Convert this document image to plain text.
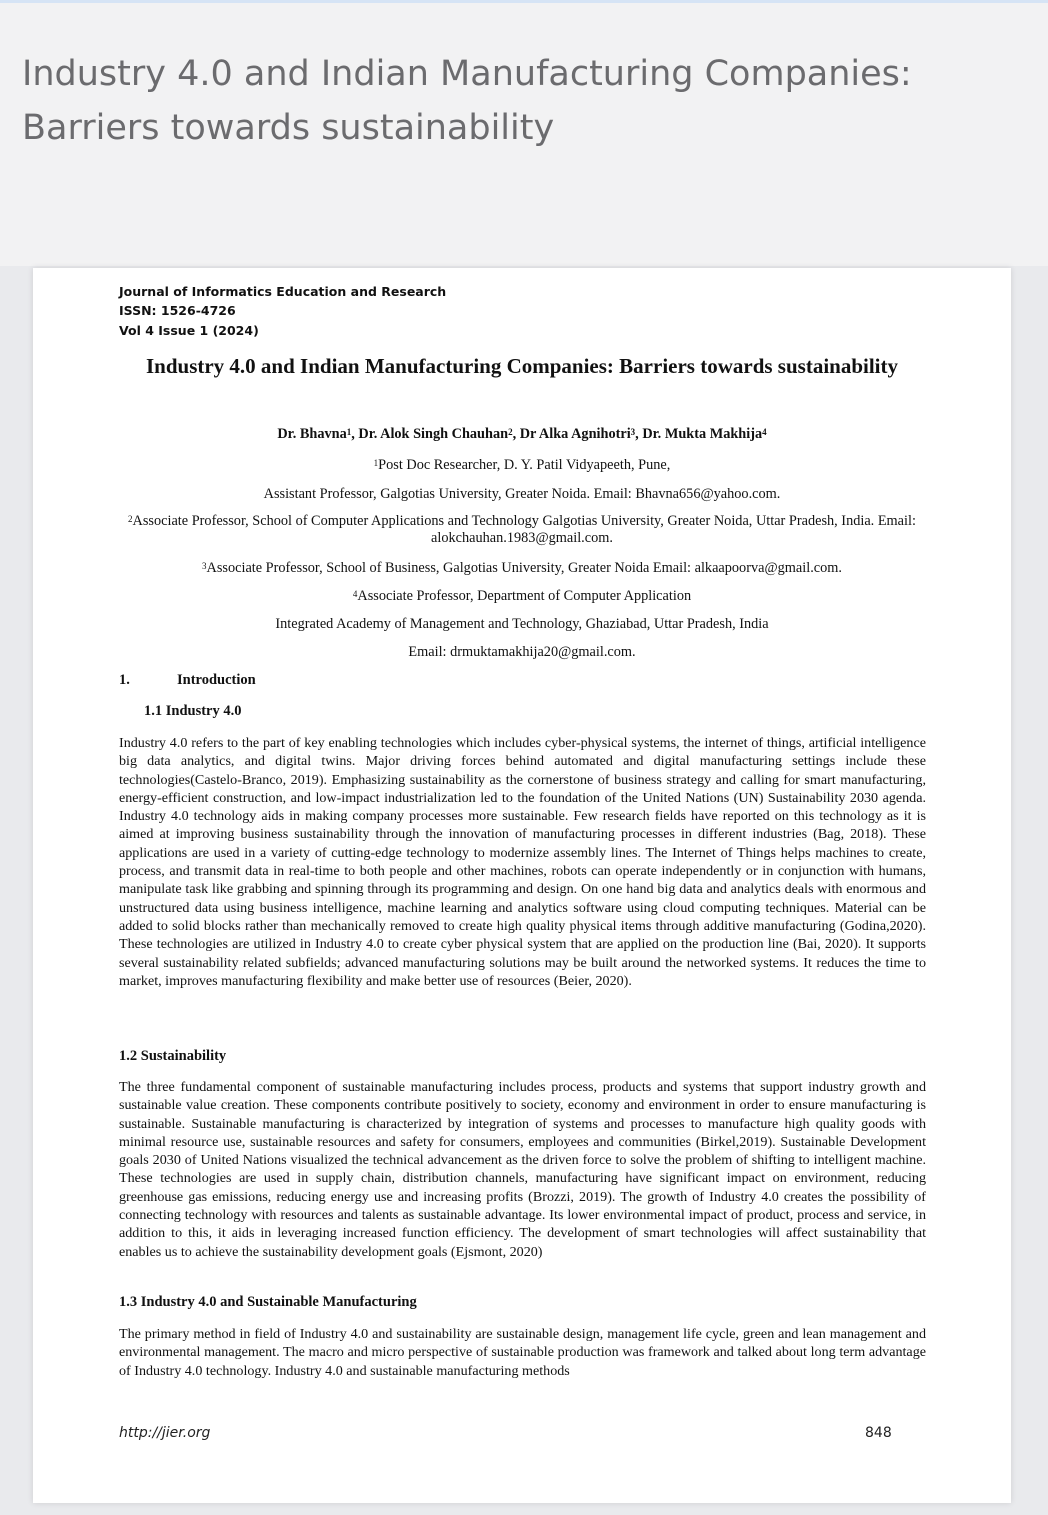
Industry 4.0 and Indian Manufacturing Companies: Barriers towards sustainability
Journal of Informatics Education and Research
ISSN: 1526-4726
Vol 4 Issue 1 (2024)
Industry 4.0 and Indian Manufacturing Companies: Barriers towards sustainability
Dr. Bhavna$^1$, Dr. Alok Singh Chauhan$^2$, Dr Alka Agnihotri$^3$, Dr. Mukta Makhija$^4$
$^1$Post Doc Researcher, D. Y. Patil Vidyapeeth, Pune,
Assistant Professor, Galgotias University, Greater Noida. Email: Bhavna656@yahoo.com.
$^2$Associate Professor, School of Computer Applications and Technology Galgotias University, Greater Noida, Uttar Pradesh, India. Email: alokchauhan.1983@gmail.com.
$^3$Associate Professor, School of Business, Galgotias University, Greater Noida Email: alkaapoorva@gmail.com.
$^4$Associate Professor, Department of Computer Application
Integrated Academy of Management and Technology, Ghaziabad, Uttar Pradesh, India
Email: drmuktamakhija20@gmail.com.
1.	Introduction
1.1 Industry 4.0

Industry 4.0 refers to the part of key enabling technologies which includes cyber-physical systems, the internet of things, artificial intelligence big data analytics, and digital twins. Major driving forces behind automated and digital manufacturing settings include these technologies(Castelo-Branco, 2019). Emphasizing sustainability as the cornerstone of business strategy and calling for smart manufacturing, energy-efficient construction, and low-impact industrialization led to the foundation of the United Nations (UN) Sustainability 2030 agenda. Industry 4.0 technology aids in making company processes more sustainable. Few research fields have reported on this technology as it is aimed at improving business sustainability through the innovation of manufacturing processes in different industries (Bag, 2018). These applications are used in a variety of cutting-edge technology to modernize assembly lines. The Internet of Things helps machines to create, process, and transmit data in real-time to both people and other machines, robots can operate independently or in conjunction with humans, manipulate task like grabbing and spinning through its programming and design. On one hand big data and analytics deals with enormous and unstructured data using business intelligence, machine learning and analytics software using cloud computing techniques. Material can be added to solid blocks rather than mechanically removed to create high quality physical items through additive manufacturing (Godina,2020). These technologies are utilized in Industry 4.0 to create cyber physical system that are applied on the production line (Bai, 2020). It supports several sustainability related subfields; advanced manufacturing solutions may be built around the networked systems. It reduces the time to market, improves manufacturing flexibility and make better use of resources (Beier, 2020).

1.2 Sustainability

The three fundamental component of sustainable manufacturing includes process, products and systems that support industry growth and sustainable value creation. These components contribute positively to society, economy and environment in order to ensure manufacturing is sustainable. Sustainable manufacturing is characterized by integration of systems and processes to manufacture high quality goods with minimal resource use, sustainable resources and safety for consumers, employees and communities (Birkel,2019). Sustainable Development goals 2030 of United Nations visualized the technical advancement as the driven force to solve the problem of shifting to intelligent machine. These technologies are used in supply chain, distribution channels, manufacturing have significant impact on environment, reducing greenhouse gas emissions, reducing energy use and increasing profits (Brozzi, 2019). The growth of Industry 4.0 creates the possibility of connecting technology with resources and talents as sustainable advantage. Its lower environmental impact of product, process and service, in addition to this, it aids in leveraging increased function efficiency. The development of smart technologies will affect sustainability that enables us to achieve the sustainability development goals (Ejsmont, 2020)

1.3 Industry 4.0 and Sustainable Manufacturing

The primary method in field of Industry 4.0 and sustainability are sustainable design, management life cycle, green and lean management and environmental management. The macro and micro perspective of sustainable production was framework and talked about long term advantage of Industry 4.0 technology. Industry 4.0 and sustainable manufacturing methods

http://jier.org	848
